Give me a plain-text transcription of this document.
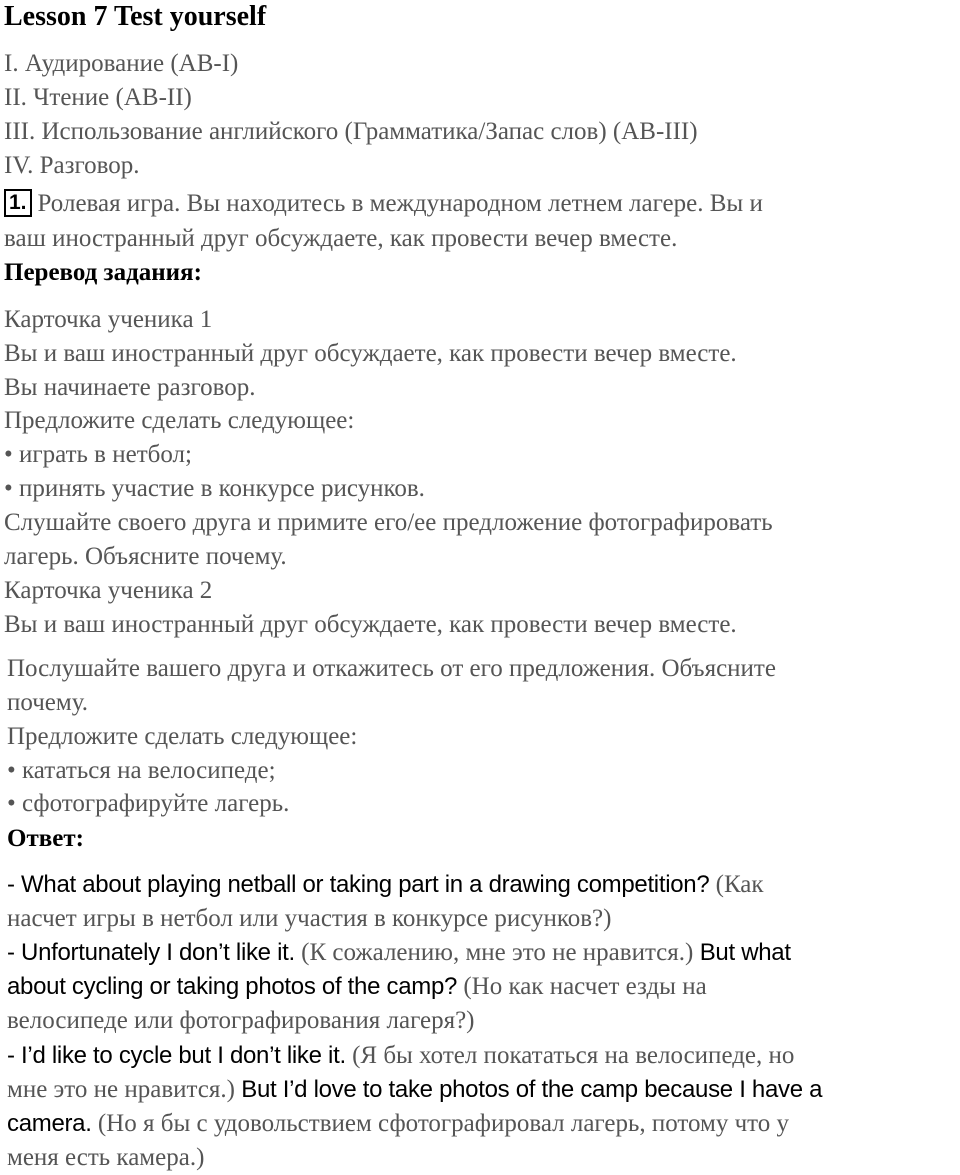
Lesson 7 Test yourself
I. Аудирование (АВ-I)
II. Чтение (АВ-II)
III. Использование английского (Грамматика/Запас слов) (АВ-III)
IV. Разговор.
1. Ролевая игра. Вы находитесь в международном летнем лагере. Вы и
ваш иностранный друг обсуждаете, как провести вечер вместе.
Перевод задания:
Карточка ученика 1
Вы и ваш иностранный друг обсуждаете, как провести вечер вместе.
Вы начинаете разговор.
Предложите сделать следующее:
• играть в нетбол;
• принять участие в конкурсе рисунков.
Слушайте своего друга и примите его/ее предложение фотографировать
лагерь. Объясните почему.
Карточка ученика 2
Вы и ваш иностранный друг обсуждаете, как провести вечер вместе.
Послушайте вашего друга и откажитесь от его предложения. Объясните
почему.
Предложите сделать следующее:
• кататься на велосипеде;
• сфотографируйте лагерь.
Ответ:
- What about playing netball or taking part in a drawing competition? (Как
насчет игры в нетбол или участия в конкурсе рисунков?)
- Unfortunately I don’t like it. (К сожалению, мне это не нравится.) But what
about cycling or taking photos of the camp? (Но как насчет езды на
велосипеде или фотографирования лагеря?)
- I’d like to cycle but I don’t like it. (Я бы хотел покататься на велосипеде, но
мне это не нравится.) But I’d love to take photos of the camp because I have a
camera. (Но я бы с удовольствием сфотографировал лагерь, потому что у
меня есть камера.)
